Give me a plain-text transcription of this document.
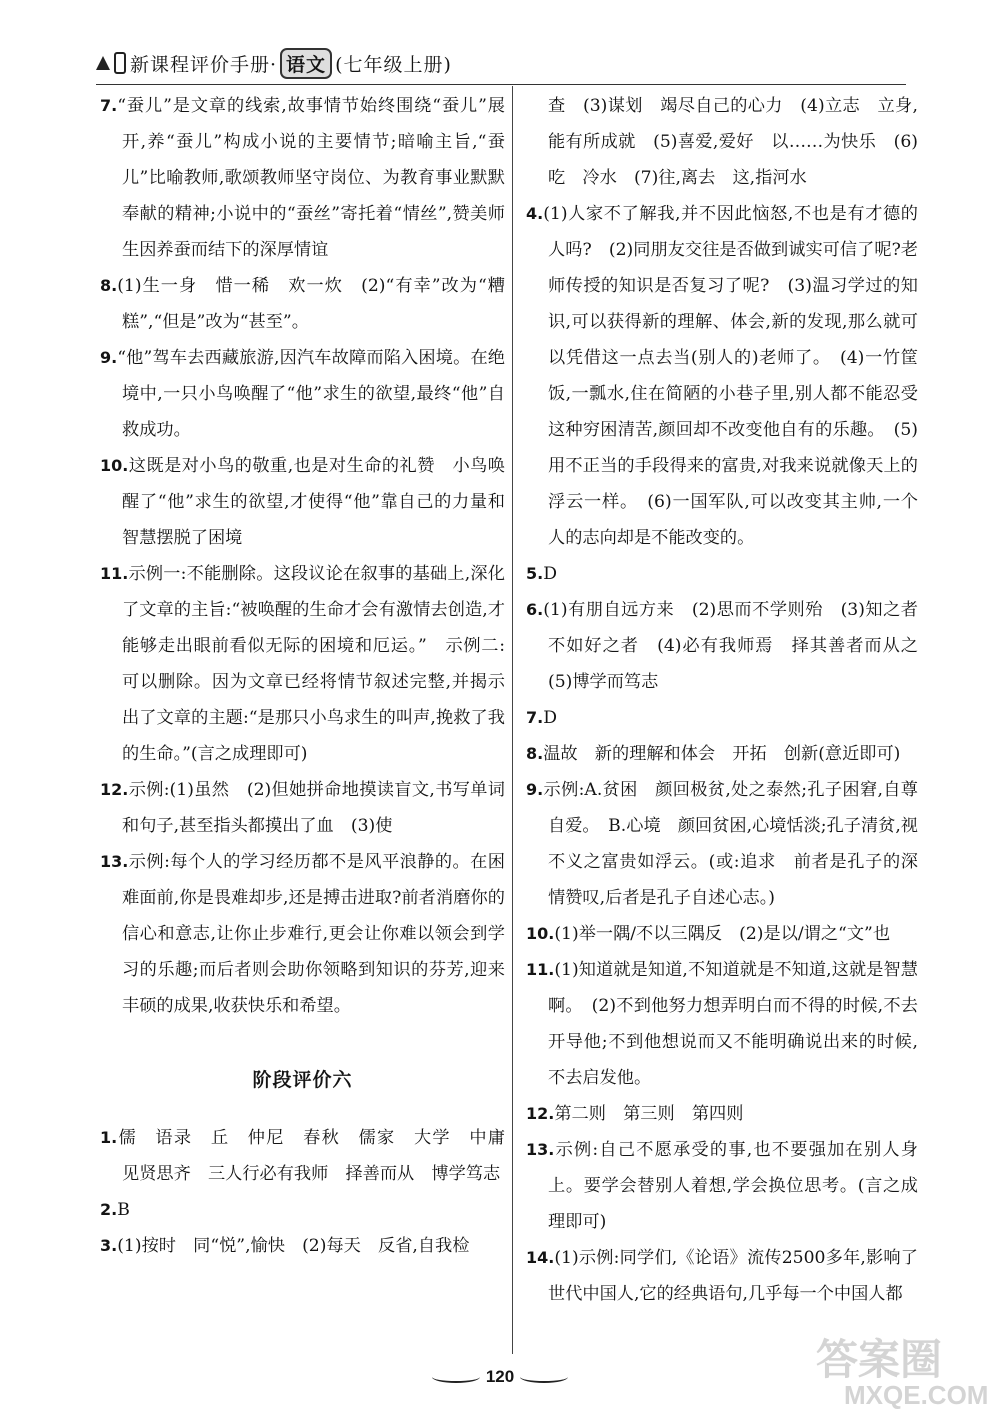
新课程评价手册· 语文 (七年级上册)
7.“蚕儿”是文章的线索,故事情节始终围绕“蚕儿”展开,养“蚕儿”构成小说的主要情节;暗喻主旨,“蚕儿”比喻教师,歌颂教师坚守岗位、为教育事业默默奉献的精神;小说中的“蚕丝”寄托着“情丝”,赞美师生因养蚕而结下的深厚情谊
8.(1)生一身　惜一稀　欢一炊　(2)“有幸”改为“糟糕”,“但是”改为“甚至”。
9.“他”驾车去西藏旅游,因汽车故障而陷入困境。在绝境中,一只小鸟唤醒了“他”求生的欲望,最终“他”自救成功。
10.这既是对小鸟的敬重,也是对生命的礼赞　小鸟唤醒了“他”求生的欲望,才使得“他”靠自己的力量和智慧摆脱了困境
11.示例一:不能删除。这段议论在叙事的基础上,深化了文章的主旨:“被唤醒的生命才会有激情去创造,才能够走出眼前看似无际的困境和厄运。”　示例二:可以删除。因为文章已经将情节叙述完整,并揭示出了文章的主题:“是那只小鸟求生的叫声,挽救了我的生命。”(言之成理即可)
12.示例:(1)虽然　(2)但她拼命地摸读盲文,书写单词和句子,甚至指头都摸出了血　(3)使
13.示例:每个人的学习经历都不是风平浪静的。在困难面前,你是畏难却步,还是搏击进取?前者消磨你的信心和意志,让你止步难行,更会让你难以领会到学习的乐趣;而后者则会助你领略到知识的芬芳,迎来丰硕的成果,收获快乐和希望。
阶段评价六
1.儒　语录　丘　仲尼　春秋　儒家　大学　中庸　见贤思齐　三人行必有我师　择善而从　博学笃志
2.B
3.(1)按时　同“悦”,愉快　(2)每天　反省,自我检
查　(3)谋划　竭尽自己的心力　(4)立志　立身,能有所成就　(5)喜爱,爱好　以……为快乐　(6)吃　冷水　(7)往,离去　这,指河水
4.(1)人家不了解我,并不因此恼怒,不也是有才德的人吗?　(2)同朋友交往是否做到诚实可信了呢?老师传授的知识是否复习了呢?　(3)温习学过的知识,可以获得新的理解、体会,新的发现,那么就可以凭借这一点去当(别人的)老师了。　(4)一竹筐饭,一瓢水,住在简陋的小巷子里,别人都不能忍受这种穷困清苦,颜回却不改变他自有的乐趣。　(5)用不正当的手段得来的富贵,对我来说就像天上的浮云一样。　(6)一国军队,可以改变其主帅,一个人的志向却是不能改变的。
5.D
6.(1)有朋自远方来　(2)思而不学则殆　(3)知之者不如好之者　(4)必有我师焉　择其善者而从之　(5)博学而笃志
7.D
8.温故　新的理解和体会　开拓　创新(意近即可)
9.示例:A.贫困　颜回极贫,处之泰然;孔子困窘,自尊自爱。　B.心境　颜回贫困,心境恬淡;孔子清贫,视不义之富贵如浮云。(或:追求　前者是孔子的深情赞叹,后者是孔子自述心志。)
10.(1)举一隅/不以三隅反　(2)是以/谓之“文”也
11.(1)知道就是知道,不知道就是不知道,这就是智慧啊。　(2)不到他努力想弄明白而不得的时候,不去开导他;不到他想说而又不能明确说出来的时候,不去启发他。
12.第二则　第三则　第四则
13.示例:自己不愿承受的事,也不要强加在别人身上。要学会替别人着想,学会换位思考。(言之成理即可)
14.(1)示例:同学们,《论语》流传2500多年,影响了世代中国人,它的经典语句,几乎每一个中国人都
120	答案圈
MXQE.COM
